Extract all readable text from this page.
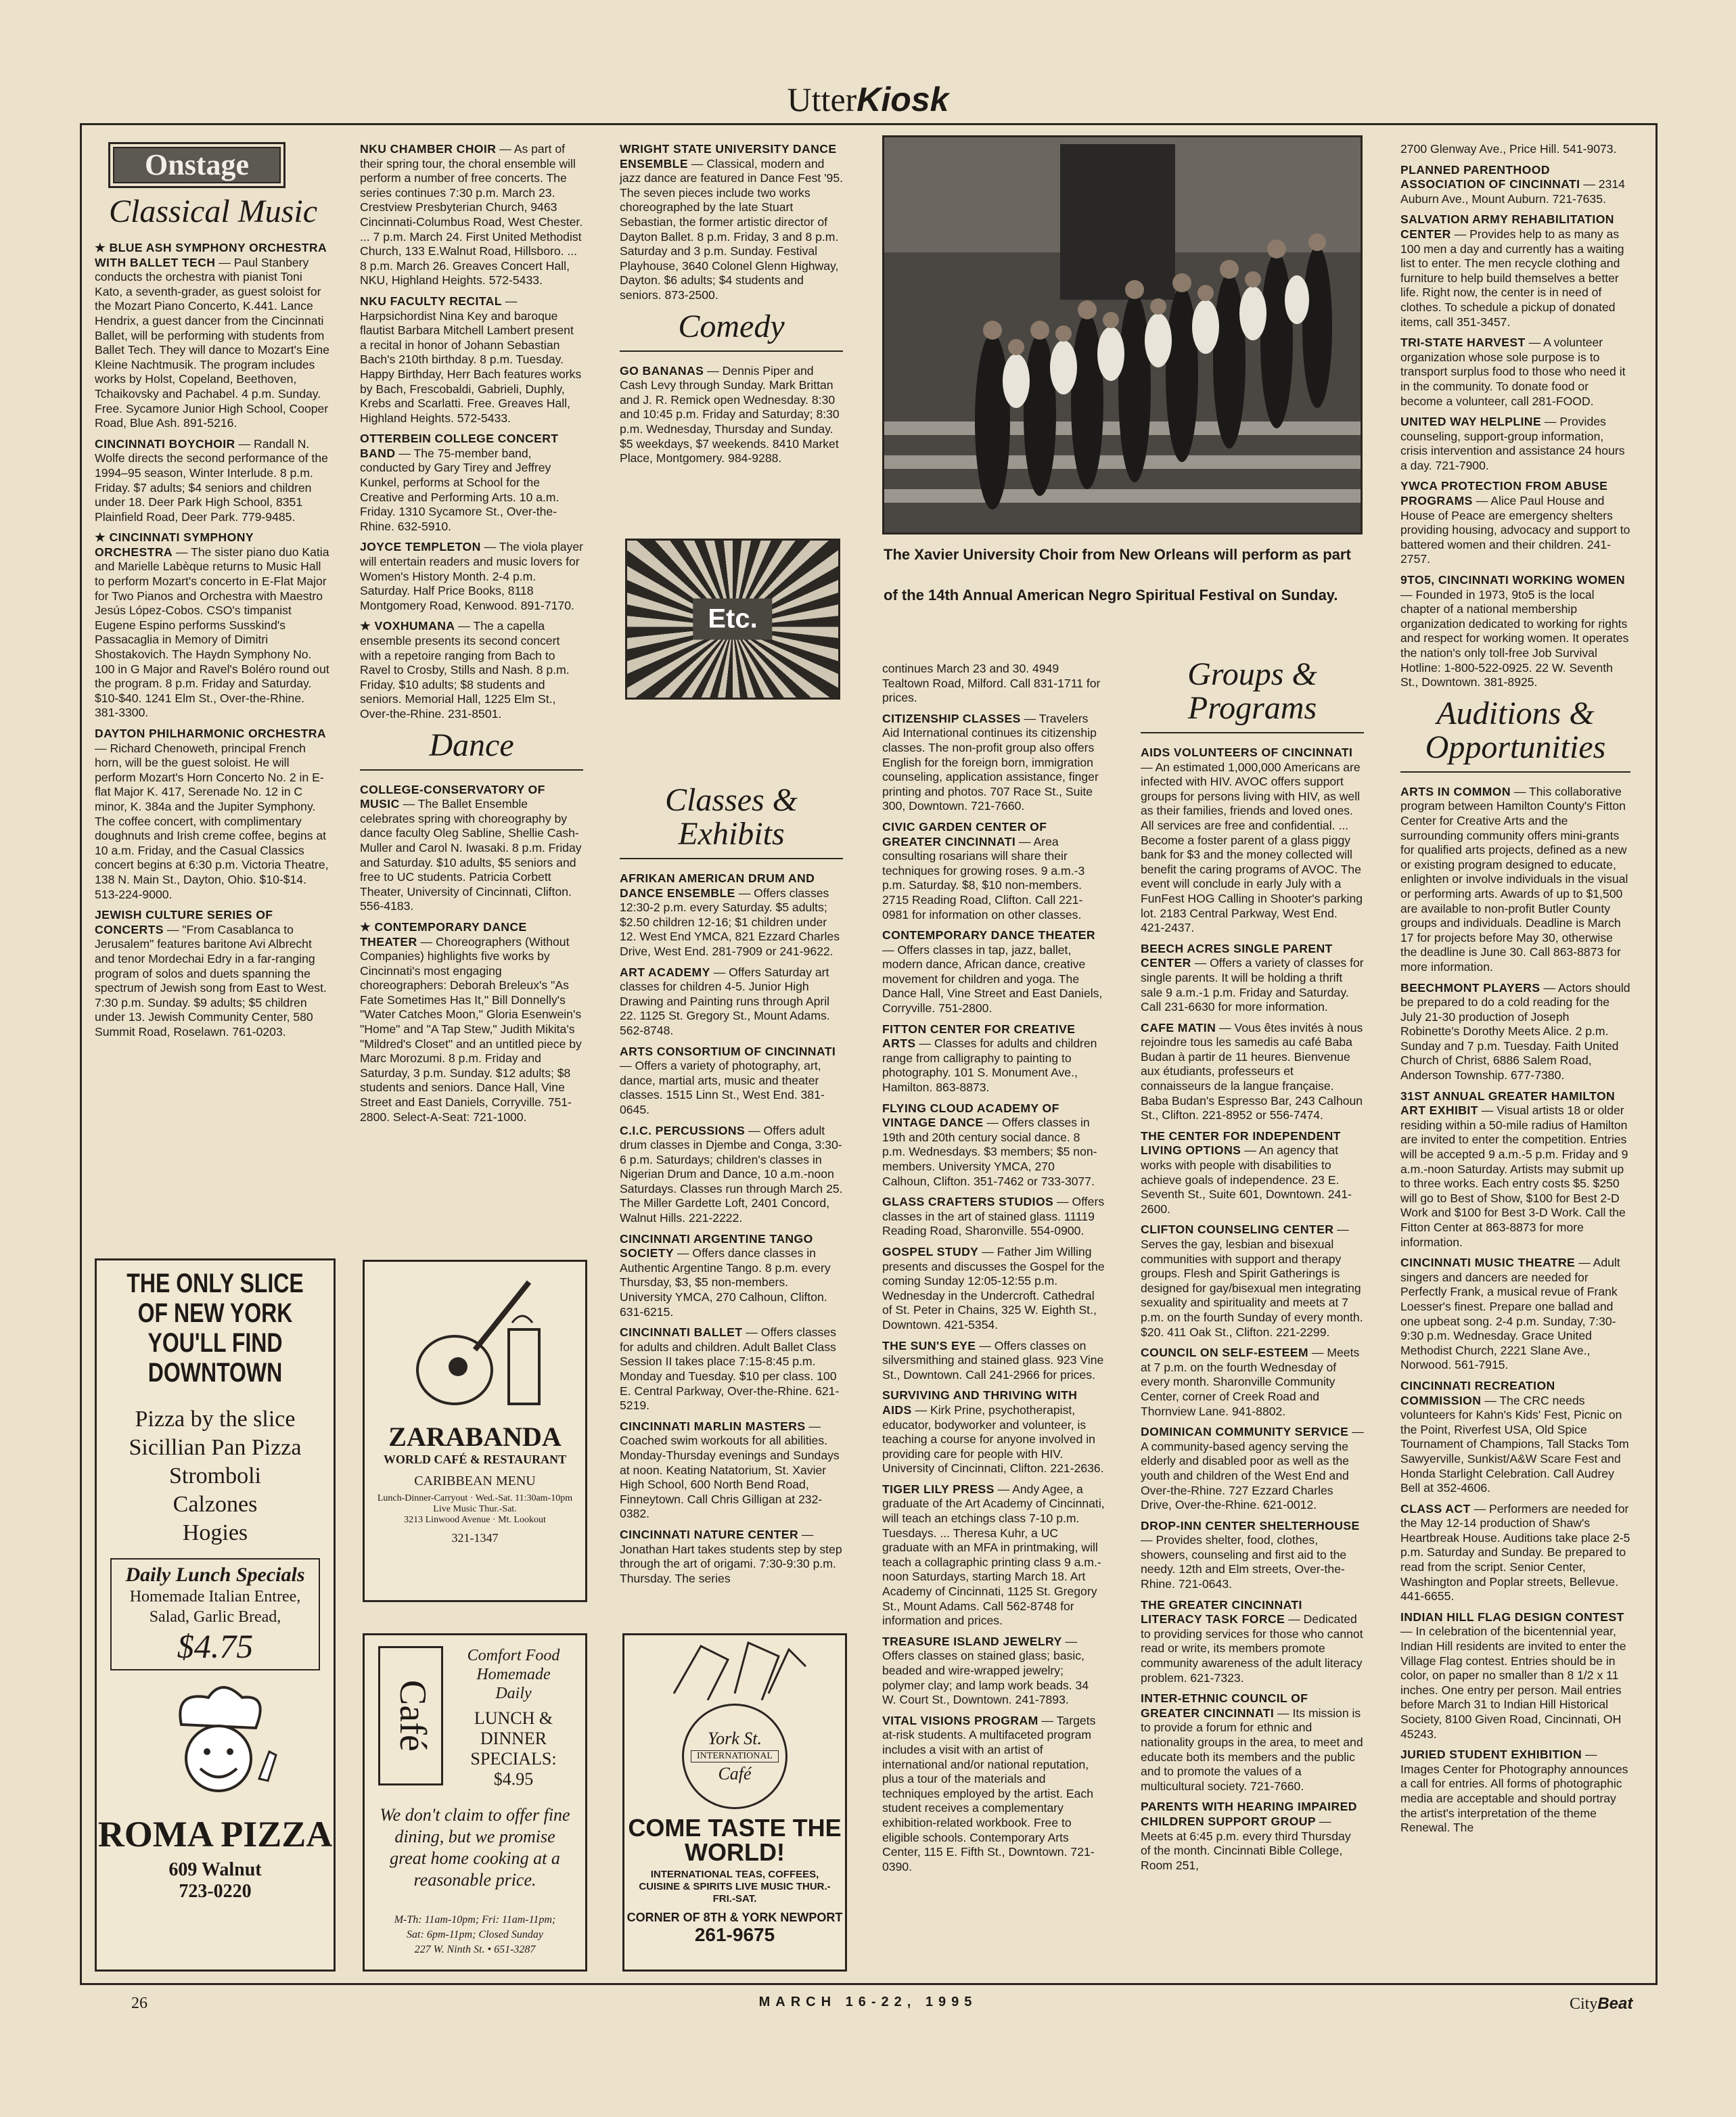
UtterKiosk
Onstage
Classical Music
★ BLUE ASH SYMPHONY ORCHESTRA WITH BALLET TECH — Paul Stanbery conducts the orchestra with pianist Toni Kato, a seventh-grader, as guest soloist for the Mozart Piano Concerto, K.441. Lance Hendrix, a guest dancer from the Cincinnati Ballet, will be performing with students from Ballet Tech. They will dance to Mozart's Eine Kleine Nachtmusik. The program includes works by Holst, Copeland, Beethoven, Tchaikovsky and Pachabel. 4 p.m. Sunday. Free. Sycamore Junior High School, Cooper Road, Blue Ash. 891-5216.
CINCINNATI BOYCHOIR — Randall N. Wolfe directs the second performance of the 1994–95 season, Winter Interlude. 8 p.m. Friday. $7 adults; $4 seniors and children under 18. Deer Park High School, 8351 Plainfield Road, Deer Park. 779-9485.
★ CINCINNATI SYMPHONY ORCHESTRA — The sister piano duo Katia and Marielle Labèque returns to Music Hall to perform Mozart's concerto in E-Flat Major for Two Pianos and Orchestra with Maestro Jesús López-Cobos. CSO's timpanist Eugene Espino performs Susskind's Passacaglia in Memory of Dimitri Shostakovich. The Haydn Symphony No. 100 in G Major and Ravel's Boléro round out the program. 8 p.m. Friday and Saturday. $10-$40. 1241 Elm St., Over-the-Rhine. 381-3300.
DAYTON PHILHARMONIC ORCHESTRA — Richard Chenoweth, principal French horn, will be the guest soloist. He will perform Mozart's Horn Concerto No. 2 in E-flat Major K. 417, Serenade No. 12 in C minor, K. 384a and the Jupiter Symphony. The coffee concert, with complimentary doughnuts and Irish creme coffee, begins at 10 a.m. Friday, and the Casual Classics concert begins at 6:30 p.m. Victoria Theatre, 138 N. Main St., Dayton, Ohio. $10-$14. 513-224-9000.
JEWISH CULTURE SERIES OF CONCERTS — "From Casablanca to Jerusalem" features baritone Avi Albrecht and tenor Mordechai Edry in a far-ranging program of solos and duets spanning the spectrum of Jewish song from East to West. 7:30 p.m. Sunday. $9 adults; $5 children under 13. Jewish Community Center, 580 Summit Road, Roselawn. 761-0203.
NKU CHAMBER CHOIR — As part of their spring tour, the choral ensemble will perform a number of free concerts. The series continues 7:30 p.m. March 23. Crestview Presbyterian Church, 9463 Cincinnati-Columbus Road, West Chester. ... 7 p.m. March 24. First United Methodist Church, 133 E.Walnut Road, Hillsboro. ... 8 p.m. March 26. Greaves Concert Hall, NKU, Highland Heights. 572-5433.
NKU FACULTY RECITAL — Harpsichordist Nina Key and baroque flautist Barbara Mitchell Lambert present a recital in honor of Johann Sebastian Bach's 210th birthday. 8 p.m. Tuesday. Happy Birthday, Herr Bach features works by Bach, Frescobaldi, Gabrieli, Duphly, Krebs and Scarlatti. Free. Greaves Hall, Highland Heights. 572-5433.
OTTERBEIN COLLEGE CONCERT BAND — The 75-member band, conducted by Gary Tirey and Jeffrey Kunkel, performs at School for the Creative and Performing Arts. 10 a.m. Friday. 1310 Sycamore St., Over-the-Rhine. 632-5910.
JOYCE TEMPLETON — The viola player will entertain readers and music lovers for Women's History Month. 2-4 p.m. Saturday. Half Price Books, 8118 Montgomery Road, Kenwood. 891-7170.
★ VOXHUMANA — The a capella ensemble presents its second concert with a repetoire ranging from Bach to Ravel to Crosby, Stills and Nash. 8 p.m. Friday. $10 adults; $8 students and seniors. Memorial Hall, 1225 Elm St., Over-the-Rhine. 231-8501.
Dance
COLLEGE-CONSERVATORY OF MUSIC — The Ballet Ensemble celebrates spring with choreography by dance faculty Oleg Sabline, Shellie Cash-Muller and Carol N. Iwasaki. 8 p.m. Friday and Saturday. $10 adults, $5 seniors and free to UC students. Patricia Corbett Theater, University of Cincinnati, Clifton. 556-4183.
★ CONTEMPORARY DANCE THEATER — Choreographers (Without Companies) highlights five works by Cincinnati's most engaging choreographers: Deborah Breleux's "As Fate Sometimes Has It," Bill Donnelly's "Water Catches Moon," Gloria Esenwein's "Home" and "A Tap Stew," Judith Mikita's "Mildred's Closet" and an untitled piece by Marc Morozumi. 8 p.m. Friday and Saturday, 3 p.m. Sunday. $12 adults; $8 students and seniors. Dance Hall, Vine Street and East Daniels, Corryville. 751-2800. Select-A-Seat: 721-1000.
WRIGHT STATE UNIVERSITY DANCE ENSEMBLE — Classical, modern and jazz dance are featured in Dance Fest '95. The seven pieces include two works choreographed by the late Stuart Sebastian, the former artistic director of Dayton Ballet. 8 p.m. Friday, 3 and 8 p.m. Saturday and 3 p.m. Sunday. Festival Playhouse, 3640 Colonel Glenn Highway, Dayton. $6 adults; $4 students and seniors. 873-2500.
Comedy
GO BANANAS — Dennis Piper and Cash Levy through Sunday. Mark Brittan and J. R. Remick open Wednesday. 8:30 and 10:45 p.m. Friday and Saturday; 8:30 p.m. Wednesday, Thursday and Sunday. $5 weekdays, $7 weekends. 8410 Market Place, Montgomery. 984-9288.
Etc.
Classes & Exhibits
AFRIKAN AMERICAN DRUM AND DANCE ENSEMBLE — Offers classes 12:30-2 p.m. every Saturday. $5 adults; $2.50 children 12-16; $1 children under 12. West End YMCA, 821 Ezzard Charles Drive, West End. 281-7909 or 241-9622.
ART ACADEMY — Offers Saturday art classes for children 4-5. Junior High Drawing and Painting runs through April 22. 1125 St. Gregory St., Mount Adams. 562-8748.
ARTS CONSORTIUM OF CINCINNATI — Offers a variety of photography, art, dance, martial arts, music and theater classes. 1515 Linn St., West End. 381-0645.
C.I.C. PERCUSSIONS — Offers adult drum classes in Djembe and Conga, 3:30-6 p.m. Saturdays; children's classes in Nigerian Drum and Dance, 10 a.m.-noon Saturdays. Classes run through March 25. The Miller Gardette Loft, 2401 Concord, Walnut Hills. 221-2222.
CINCINNATI ARGENTINE TANGO SOCIETY — Offers dance classes in Authentic Argentine Tango. 8 p.m. every Thursday, $3, $5 non-members. University YMCA, 270 Calhoun, Clifton. 631-6215.
CINCINNATI BALLET — Offers classes for adults and children. Adult Ballet Class Session II takes place 7:15-8:45 p.m. Monday and Tuesday. $10 per class. 100 E. Central Parkway, Over-the-Rhine. 621-5219.
CINCINNATI MARLIN MASTERS — Coached swim workouts for all abilities. Monday-Thursday evenings and Sundays at noon. Keating Natatorium, St. Xavier High School, 600 North Bend Road, Finneytown. Call Chris Gilligan at 232-0382.
CINCINNATI NATURE CENTER — Jonathan Hart takes students step by step through the art of origami. 7:30-9:30 p.m. Thursday. The series
The Xavier University Choir from New Orleans will perform as part of the 14th Annual American Negro Spiritual Festival on Sunday.
continues March 23 and 30. 4949 Tealtown Road, Milford. Call 831-1711 for prices.
CITIZENSHIP CLASSES — Travelers Aid International continues its citizenship classes. The non-profit group also offers English for the foreign born, immigration counseling, application assistance, finger printing and photos. 707 Race St., Suite 300, Downtown. 721-7660.
CIVIC GARDEN CENTER OF GREATER CINCINNATI — Area consulting rosarians will share their techniques for growing roses. 9 a.m.-3 p.m. Saturday. $8, $10 non-members. 2715 Reading Road, Clifton. Call 221-0981 for information on other classes.
CONTEMPORARY DANCE THEATER — Offers classes in tap, jazz, ballet, modern dance, African dance, creative movement for children and yoga. The Dance Hall, Vine Street and East Daniels, Corryville. 751-2800.
FITTON CENTER FOR CREATIVE ARTS — Classes for adults and children range from calligraphy to painting to photography. 101 S. Monument Ave., Hamilton. 863-8873.
FLYING CLOUD ACADEMY OF VINTAGE DANCE — Offers classes in 19th and 20th century social dance. 8 p.m. Wednesdays. $3 members; $5 non-members. University YMCA, 270 Calhoun, Clifton. 351-7462 or 733-3077.
GLASS CRAFTERS STUDIOS — Offers classes in the art of stained glass. 11119 Reading Road, Sharonville. 554-0900.
GOSPEL STUDY — Father Jim Willing presents and discusses the Gospel for the coming Sunday 12:05-12:55 p.m. Wednesday in the Undercroft. Cathedral of St. Peter in Chains, 325 W. Eighth St., Downtown. 421-5354.
THE SUN'S EYE — Offers classes on silversmithing and stained glass. 923 Vine St., Downtown. Call 241-2966 for prices.
SURVIVING AND THRIVING WITH AIDS — Kirk Prine, psychotherapist, educator, bodyworker and volunteer, is teaching a course for anyone involved in providing care for people with HIV. University of Cincinnati, Clifton. 221-2636.
TIGER LILY PRESS — Andy Agee, a graduate of the Art Academy of Cincinnati, will teach an etchings class 7-10 p.m. Tuesdays. ... Theresa Kuhr, a UC graduate with an MFA in printmaking, will teach a collagraphic printing class 9 a.m.-noon Saturdays, starting March 18. Art Academy of Cincinnati, 1125 St. Gregory St., Mount Adams. Call 562-8748 for information and prices.
TREASURE ISLAND JEWELRY — Offers classes on stained glass; basic, beaded and wire-wrapped jewelry; polymer clay; and lamp work beads. 34 W. Court St., Downtown. 241-7893.
VITAL VISIONS PROGRAM — Targets at-risk students. A multifaceted program includes a visit with an artist of international and/or national reputation, plus a tour of the materials and techniques employed by the artist. Each student receives a complementary exhibition-related workbook. Free to eligible schools. Contemporary Arts Center, 115 E. Fifth St., Downtown. 721-0390.
Groups & Programs
AIDS VOLUNTEERS OF CINCINNATI — An estimated 1,000,000 Americans are infected with HIV. AVOC offers support groups for persons living with HIV, as well as their families, friends and loved ones. All services are free and confidential. ... Become a foster parent of a glass piggy bank for $3 and the money collected will benefit the caring programs of AVOC. The event will conclude in early July with a FunFest HOG Calling in Shooter's parking lot. 2183 Central Parkway, West End. 421-2437.
BEECH ACRES SINGLE PARENT CENTER — Offers a variety of classes for single parents. It will be holding a thrift sale 9 a.m.-1 p.m. Friday and Saturday. Call 231-6630 for more information.
CAFE MATIN — Vous êtes invités à nous rejoindre tous les samedis au café Baba Budan à partir de 11 heures. Bienvenue aux étudiants, professeurs et connaisseurs de la langue française. Baba Budan's Espresso Bar, 243 Calhoun St., Clifton. 221-8952 or 556-7474.
THE CENTER FOR INDEPENDENT LIVING OPTIONS — An agency that works with people with disabilities to achieve goals of independence. 23 E. Seventh St., Suite 601, Downtown. 241-2600.
CLIFTON COUNSELING CENTER — Serves the gay, lesbian and bisexual communities with support and therapy groups. Flesh and Spirit Gatherings is designed for gay/bisexual men integrating sexuality and spirituality and meets at 7 p.m. on the fourth Sunday of every month. $20. 411 Oak St., Clifton. 221-2299.
COUNCIL ON SELF-ESTEEM — Meets at 7 p.m. on the fourth Wednesday of every month. Sharonville Community Center, corner of Creek Road and Thornview Lane. 941-8802.
DOMINICAN COMMUNITY SERVICE — A community-based agency serving the elderly and disabled poor as well as the youth and children of the West End and Over-the-Rhine. 727 Ezzard Charles Drive, Over-the-Rhine. 621-0012.
DROP-INN CENTER SHELTERHOUSE — Provides shelter, food, clothes, showers, counseling and first aid to the needy. 12th and Elm streets, Over-the-Rhine. 721-0643.
THE GREATER CINCINNATI LITERACY TASK FORCE — Dedicated to providing services for those who cannot read or write, its members promote community awareness of the adult literacy problem. 621-7323.
INTER-ETHNIC COUNCIL OF GREATER CINCINNATI — Its mission is to provide a forum for ethnic and nationality groups in the area, to meet and educate both its members and the public and to promote the values of a multicultural society. 721-7660.
PARENTS WITH HEARING IMPAIRED CHILDREN SUPPORT GROUP — Meets at 6:45 p.m. every third Thursday of the month. Cincinnati Bible College, Room 251,
2700 Glenway Ave., Price Hill. 541-9073.
PLANNED PARENTHOOD ASSOCIATION OF CINCINNATI — 2314 Auburn Ave., Mount Auburn. 721-7635.
SALVATION ARMY REHABILITATION CENTER — Provides help to as many as 100 men a day and currently has a waiting list to enter. The men recycle clothing and furniture to help build themselves a better life. Right now, the center is in need of clothes. To schedule a pickup of donated items, call 351-3457.
TRI-STATE HARVEST — A volunteer organization whose sole purpose is to transport surplus food to those who need it in the community. To donate food or become a volunteer, call 281-FOOD.
UNITED WAY HELPLINE — Provides counseling, support-group information, crisis intervention and assistance 24 hours a day. 721-7900.
YWCA PROTECTION FROM ABUSE PROGRAMS — Alice Paul House and House of Peace are emergency shelters providing housing, advocacy and support to battered women and their children. 241-2757.
9TO5, CINCINNATI WORKING WOMEN — Founded in 1973, 9to5 is the local chapter of a national membership organization dedicated to working for rights and respect for working women. It operates the nation's only toll-free Job Survival Hotline: 1-800-522-0925. 22 W. Seventh St., Downtown. 381-8925.
Auditions & Opportunities
ARTS IN COMMON — This collaborative program between Hamilton County's Fitton Center for Creative Arts and the surrounding community offers mini-grants for qualified arts projects, defined as a new or existing program designed to educate, enlighten or involve individuals in the visual or performing arts. Awards of up to $1,500 are available to non-profit Butler County groups and individuals. Deadline is March 17 for projects before May 30, otherwise the deadline is June 30. Call 863-8873 for more information.
BEECHMONT PLAYERS — Actors should be prepared to do a cold reading for the July 21-30 production of Joseph Robinette's Dorothy Meets Alice. 2 p.m. Sunday and 7 p.m. Tuesday. Faith United Church of Christ, 6886 Salem Road, Anderson Township. 677-7380.
31ST ANNUAL GREATER HAMILTON ART EXHIBIT — Visual artists 18 or older residing within a 50-mile radius of Hamilton are invited to enter the competition. Entries will be accepted 9 a.m.-5 p.m. Friday and 9 a.m.-noon Saturday. Artists may submit up to three works. Each entry costs $5. $250 will go to Best of Show, $100 for Best 2-D Work and $100 for Best 3-D Work. Call the Fitton Center at 863-8873 for more information.
CINCINNATI MUSIC THEATRE — Adult singers and dancers are needed for Perfectly Frank, a musical revue of Frank Loesser's finest. Prepare one ballad and one upbeat song. 2-4 p.m. Sunday, 7:30-9:30 p.m. Wednesday. Grace United Methodist Church, 2221 Slane Ave., Norwood. 561-7915.
CINCINNATI RECREATION COMMISSION — The CRC needs volunteers for Kahn's Kids' Fest, Picnic on the Point, Riverfest USA, Old Spice Tournament of Champions, Tall Stacks Tom Sawyerville, Sunkist/A&W Scare Fest and Honda Starlight Celebration. Call Audrey Bell at 352-4606.
CLASS ACT — Performers are needed for the May 12-14 production of Shaw's Heartbreak House. Auditions take place 2-5 p.m. Saturday and Sunday. Be prepared to read from the script. Senior Center, Washington and Poplar streets, Bellevue. 441-6655.
INDIAN HILL FLAG DESIGN CONTEST — In celebration of the bicentennial year, Indian Hill residents are invited to enter the Village Flag contest. Entries should be in color, on paper no smaller than 8 1/2 x 11 inches. One entry per person. Mail entries before March 31 to Indian Hill Historical Society, 8100 Given Road, Cincinnati, OH 45243.
JURIED STUDENT EXHIBITION — Images Center for Photography announces a call for entries. All forms of photographic media are acceptable and should portray the artist's interpretation of the theme Renewal. The
THE ONLY SLICE OF NEW YORK YOU'LL FIND DOWNTOWN
Pizza by the slice
Sicillian Pan Pizza
Stromboli
Calzones
Hogies
Daily Lunch Specials
Homemade Italian Entree, Salad, Garlic Bread,
$4.75
ROMA PIZZA
609 Walnut
723-0220
ZARABANDA
WORLD CAFÉ & RESTAURANT
CARIBBEAN MENU
Lunch-Dinner-Carryout · Wed.-Sat. 11:30am-10pm
Live Music Thur.-Sat.
3213 Linwood Avenue · Mt. Lookout
321-1347
Café
Comfort Food
Homemade
Daily
LUNCH & DINNER SPECIALS: $4.95
We don't claim to offer fine dining, but we promise great home cooking at a reasonable price.
M-Th: 11am-10pm; Fri: 11am-11pm;
Sat: 6pm-11pm; Closed Sunday
227 W. Ninth St. • 651-3287
York St.
INTERNATIONAL
Café
COME TASTE THE WORLD!
INTERNATIONAL TEAS, COFFEES, CUISINE & SPIRITS LIVE MUSIC THUR.-FRI.-SAT.
CORNER OF 8TH & YORK NEWPORT
261-9675
26	MARCH 16-22, 1995	CityBeat
